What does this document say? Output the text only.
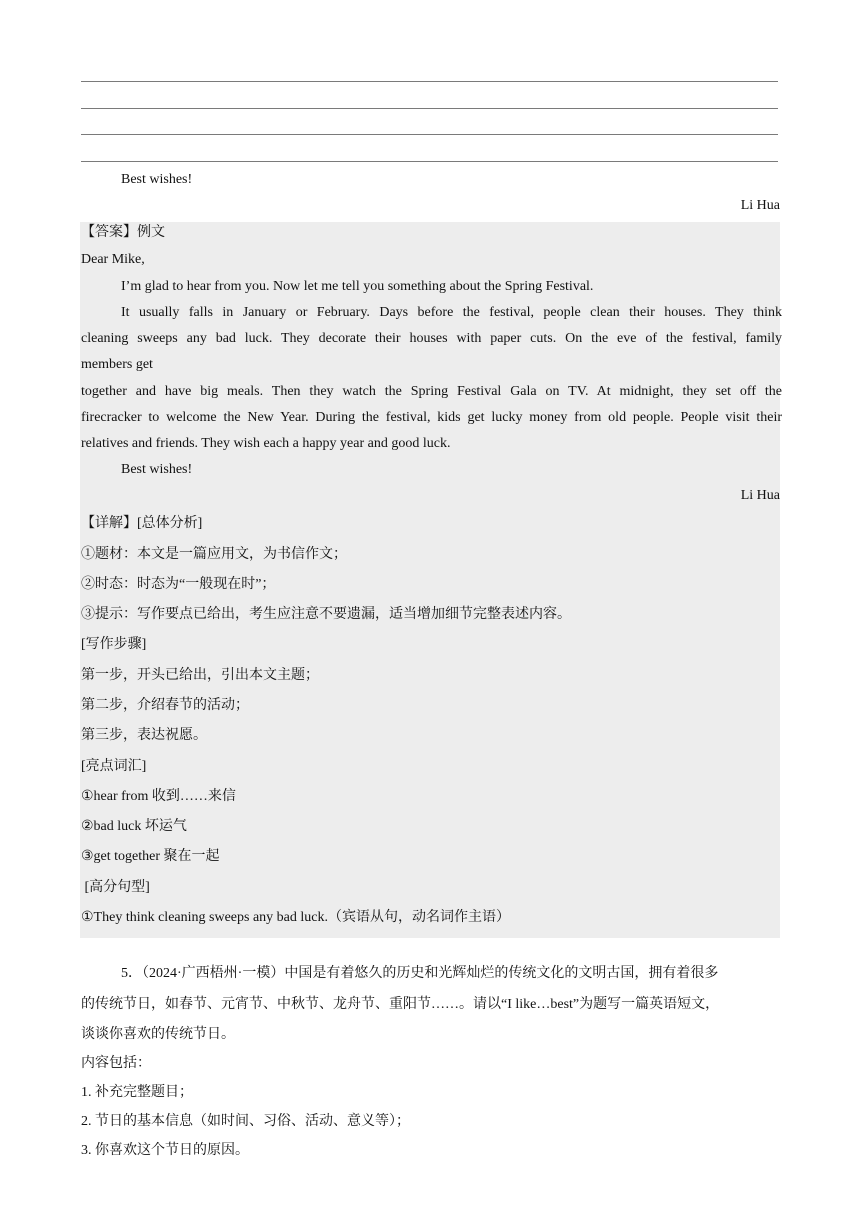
Best wishes!
Li Hua
【答案】例文
Dear Mike,
I’m glad to hear from you. Now let me tell you something about the Spring Festival.
It usually falls in January or February. Days before the festival, people clean their houses. They think
cleaning sweeps any bad luck. They decorate their houses with paper cuts. On the eve of the festival, family
members get
together and have big meals. Then they watch the Spring Festival Gala on TV. At midnight, they set off the
firecracker to welcome the New Year. During the festival, kids get lucky money from old people. People visit their
relatives and friends. They wish each a happy year and good luck.
Best wishes!
Li Hua
【详解】[总体分析]
①题材：本文是一篇应用文，为书信作文；
②时态：时态为“一般现在时”；
③提示：写作要点已给出，考生应注意不要遗漏，适当增加细节完整表述内容。
[写作步骤]
第一步，开头已给出，引出本文主题；
第二步，介绍春节的活动；
第三步，表达祝愿。
[亮点词汇]
①hear from 收到……来信
②bad luck 坏运气
③get together 聚在一起
[高分句型]
①They think cleaning sweeps any bad luck.（宾语从句，动名词作主语）
5．（2024·广西梧州·一模）中国是有着悠久的历史和光辉灿烂的传统文化的文明古国，拥有着很多
的传统节日，如春节、元宵节、中秋节、龙舟节、重阳节……。请以“I like…best”为题写一篇英语短文，
谈谈你喜欢的传统节日。
内容包括：
1. 补充完整题目；
2. 节日的基本信息（如时间、习俗、活动、意义等）；
3. 你喜欢这个节日的原因。
